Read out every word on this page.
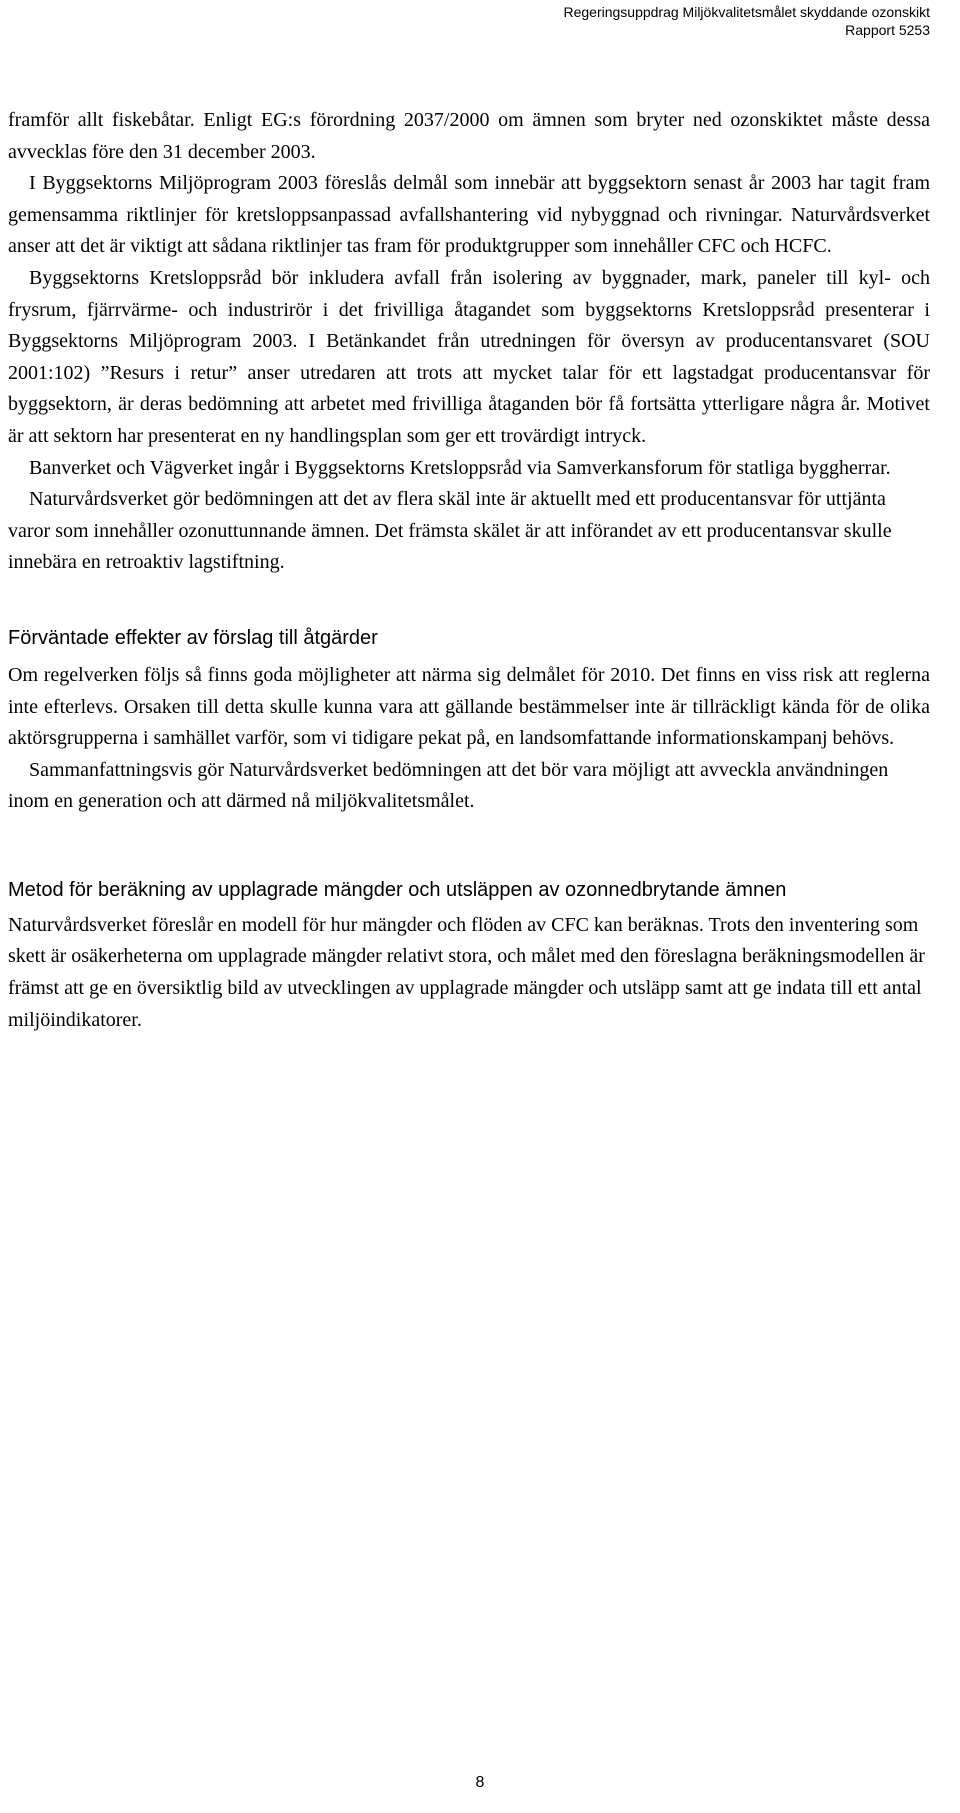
Regeringsuppdrag Miljökvalitetsmålet skyddande ozonskikt
Rapport 5253

framför allt fiskebåtar. Enligt EG:s förordning 2037/2000 om ämnen som bryter ned ozonskiktet måste dessa avvecklas före den 31 december 2003.

I Byggsektorns Miljöprogram 2003 föreslås delmål som innebär att byggsektorn senast år 2003 har tagit fram gemensamma riktlinjer för kretsloppsanpassad avfallshantering vid nybyggnad och rivningar. Naturvårdsverket anser att det är viktigt att sådana riktlinjer tas fram för produktgrupper som innehåller CFC och HCFC.

Byggsektorns Kretsloppsråd bör inkludera avfall från isolering av byggnader, mark, paneler till kyl- och frysrum, fjärrvärme- och industrirör i det frivilliga åtagandet som byggsektorns Kretsloppsråd presenterar i Byggsektorns Miljöprogram 2003. I Betänkandet från utredningen för översyn av producentansvaret (SOU 2001:102) ”Resurs i retur” anser utredaren att trots att mycket talar för ett lagstadgat producentansvar för byggsektorn, är deras bedömning att arbetet med frivilliga åtaganden bör få fortsätta ytterligare några år. Motivet är att sektorn har presenterat en ny handlingsplan som ger ett trovärdigt intryck.

Banverket och Vägverket ingår i Byggsektorns Kretsloppsråd via Samverkansforum för statliga byggherrar.

Naturvårdsverket gör bedömningen att det av flera skäl inte är aktuellt med ett producentansvar för uttjänta varor som innehåller ozonuttunnande ämnen. Det främsta skälet är att införandet av ett producentansvar skulle innebära en retroaktiv lagstiftning.

Förväntade effekter av förslag till åtgärder

Om regelverken följs så finns goda möjligheter att närma sig delmålet för 2010. Det finns en viss risk att reglerna inte efterlevs. Orsaken till detta skulle kunna vara att gällande bestämmelser inte är tillräckligt kända för de olika aktörsgrupperna i samhället varför, som vi tidigare pekat på, en landsomfattande informationskampanj behövs.

Sammanfattningsvis gör Naturvårdsverket bedömningen att det bör vara möjligt att avveckla användningen inom en generation och att därmed nå miljökvalitetsmålet.

Metod för beräkning av upplagrade mängder och utsläppen av ozonnedbrytande ämnen

Naturvårdsverket föreslår en modell för hur mängder och flöden av CFC kan beräknas. Trots den inventering som skett är osäkerheterna om upplagrade mängder relativt stora, och målet med den föreslagna beräkningsmodellen är främst att ge en översiktlig bild av utvecklingen av upplagrade mängder och utsläpp samt att ge indata till ett antal miljöindikatorer.

8
